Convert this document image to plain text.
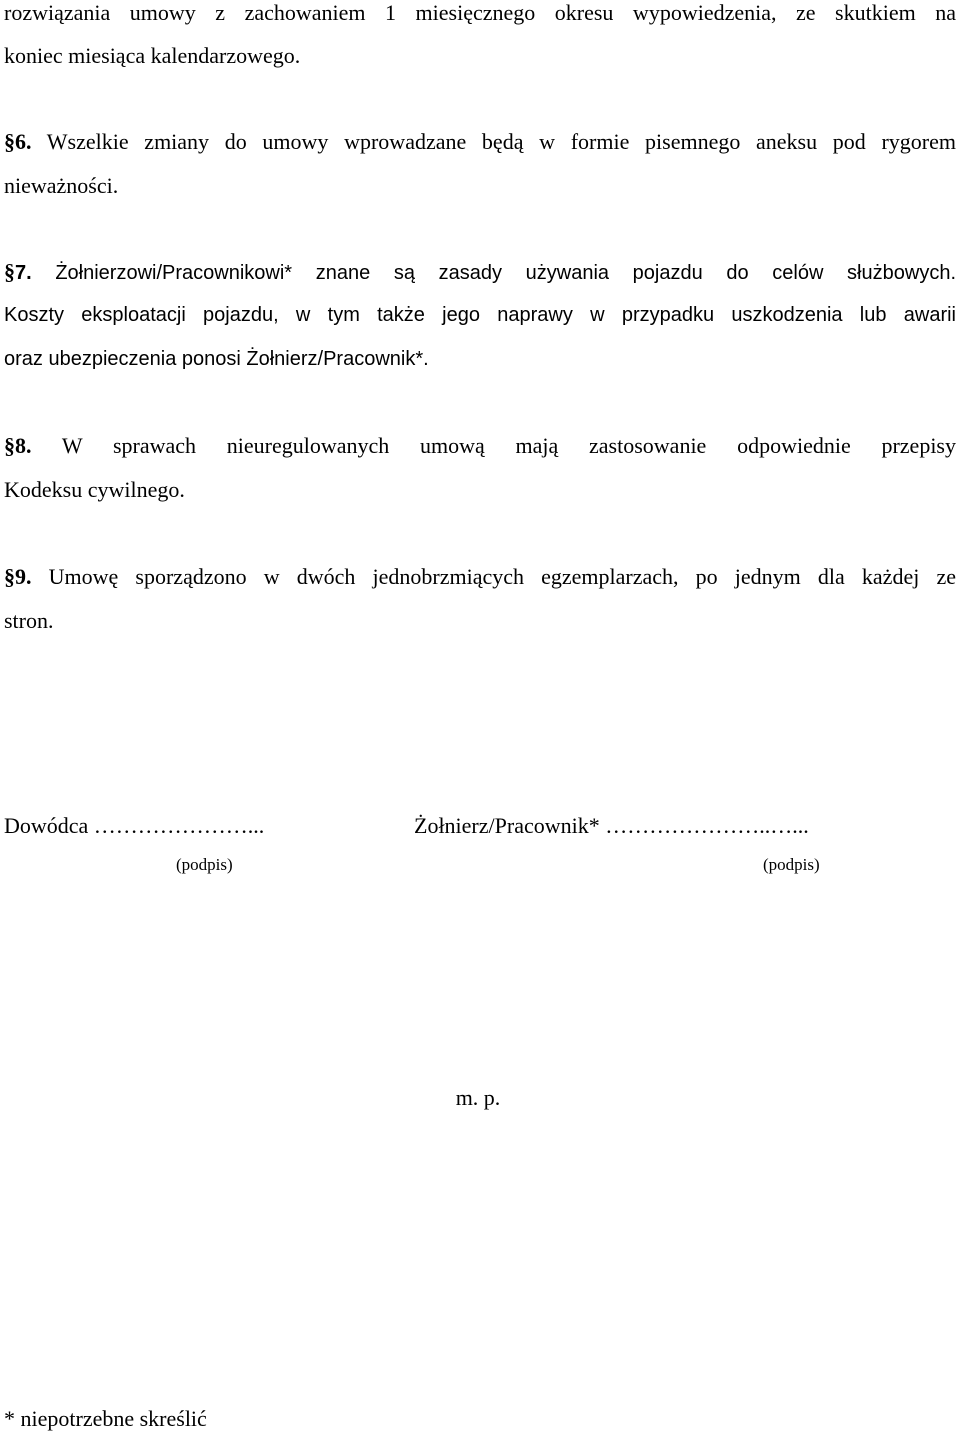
rozwiązania umowy z zachowaniem 1 miesięcznego okresu wypowiedzenia, ze skutkiem na
koniec miesiąca kalendarzowego.
§6. Wszelkie zmiany do umowy wprowadzane będą w formie pisemnego aneksu pod rygorem
nieważności.
§7. Żołnierzowi/Pracownikowi* znane są zasady używania pojazdu do celów służbowych.
Koszty eksploatacji pojazdu, w tym także jego naprawy w przypadku uszkodzenia lub awarii
oraz ubezpieczenia ponosi Żołnierz/Pracownik*.
§8. W sprawach nieuregulowanych umową mają zastosowanie odpowiednie przepisy
Kodeksu cywilnego.
§9. Umowę sporządzono w dwóch jednobrzmiących egzemplarzach, po jednym dla każdej ze
stron.
Dowódca …………………...
(podpis)
Żołnierz/Pracownik* …………………..…...
(podpis)
m. p.
* niepotrzebne skreślić
